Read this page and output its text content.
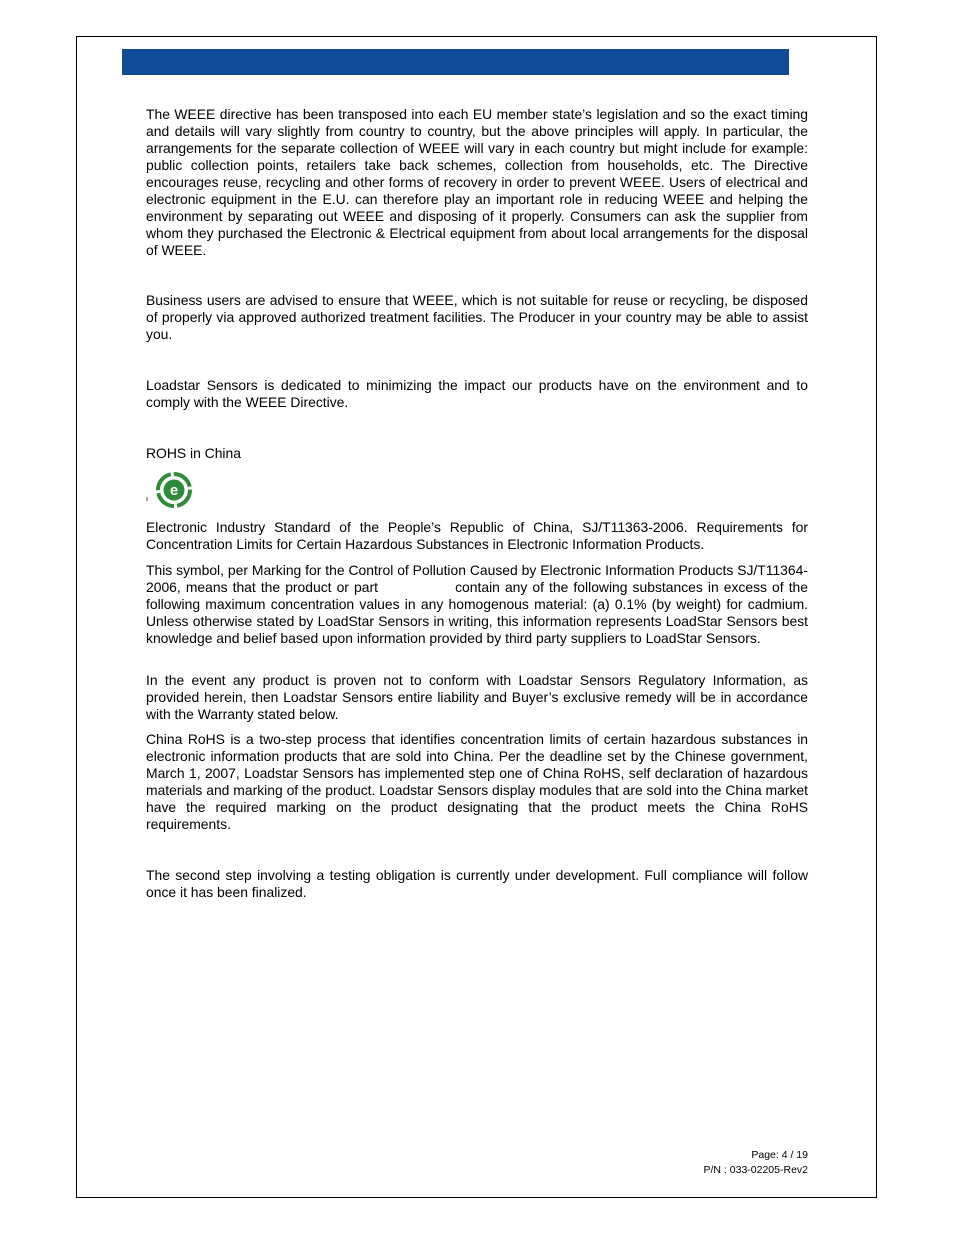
The WEEE directive has been transposed into each EU member state’s legislation and so the exact timing and details will vary slightly from country to country, but the above principles will apply. In particular, the arrangements for the separate collection of WEEE will vary in each country but might include for example: public collection points, retailers take back schemes, collection from households, etc. The Directive encourages reuse, recycling and other forms of recovery in order to prevent WEEE. Users of electrical and electronic equipment in the E.U. can therefore play an important role in reducing WEEE and helping the environment by separating out WEEE and disposing of it properly. Consumers can ask the supplier from whom they purchased the Electronic & Electrical equipment from about local arrangements for the disposal of WEEE.

Business users are advised to ensure that WEEE, which is not suitable for reuse or recycling, be disposed of properly via approved authorized treatment facilities. The Producer in your country may be able to assist you.

Loadstar Sensors is dedicated to minimizing the impact our products have on the environment and to comply with the WEEE Directive.

ROHS in China

e

Electronic Industry Standard of the People’s Republic of China, SJ/T11363-2006. Requirements for Concentration Limits for Certain Hazardous Substances in Electronic Information Products.

This symbol, per Marking for the Control of Pollution Caused by Electronic Information Products SJ/T11364-2006, means that the product or part	contain any of the following substances in excess of the following maximum concentration values in any homogenous material: (a) 0.1% (by weight) for cadmium. Unless otherwise stated by LoadStar Sensors in writing, this information represents LoadStar Sensors best knowledge and belief based upon information provided by third party suppliers to LoadStar Sensors.

In the event any product is proven not to conform with Loadstar Sensors Regulatory Information, as provided herein, then Loadstar Sensors entire liability and Buyer’s exclusive remedy will be in accordance with the Warranty stated below.

China RoHS is a two-step process that identifies concentration limits of certain hazardous substances in electronic information products that are sold into China. Per the deadline set by the Chinese government, March 1, 2007, Loadstar Sensors has implemented step one of China RoHS, self declaration of hazardous materials and marking of the product. Loadstar Sensors display modules that are sold into the China market have the required marking on the product designating that the product meets the China RoHS requirements.

The second step involving a testing obligation is currently under development. Full compliance will follow once it has been finalized.

Page: 4 / 19
P/N : 033-02205-Rev2
